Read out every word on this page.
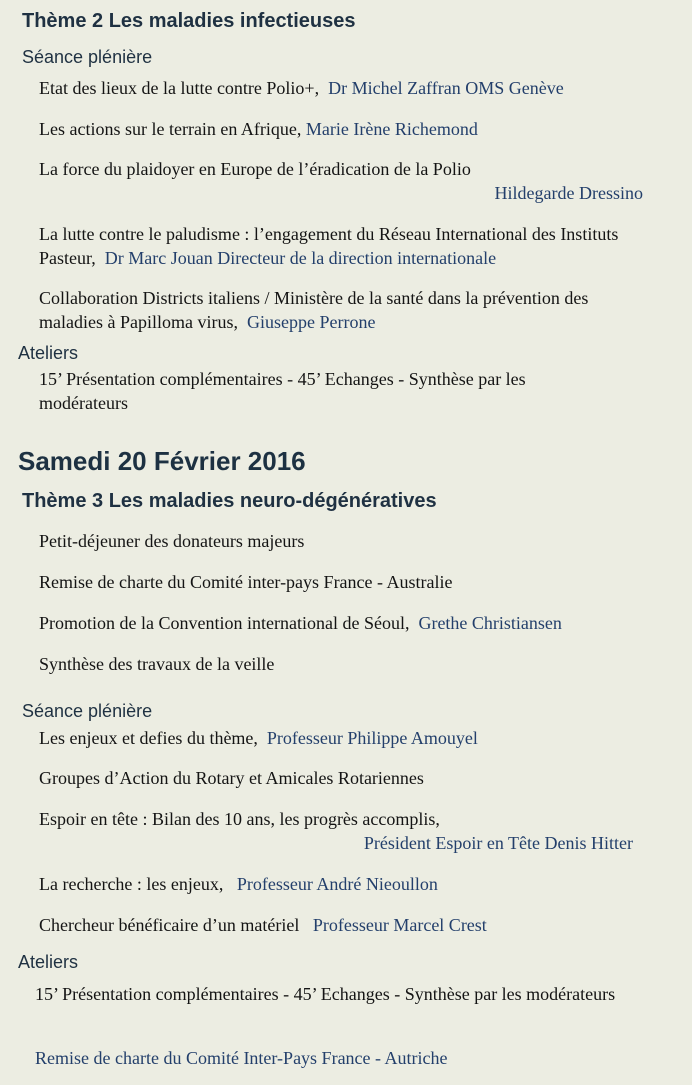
Thème 2 Les maladies infectieuses
Séance plénière
Etat des lieux de la lutte contre Polio+, Dr Michel Zaffran OMS Genève
Les actions sur le terrain en Afrique, Marie Irène Richemond
La force du plaidoyer en Europe de l’éradication de la Polio
Hildegarde Dressino
La lutte contre le paludisme : l’engagement du Réseau International des Instituts Pasteur, Dr Marc Jouan Directeur de la direction internationale
Collaboration Districts italiens / Ministère de la santé dans la prévention des maladies à Papilloma virus, Giuseppe Perrone
Ateliers
15’ Présentation complémentaires - 45’ Echanges - Synthèse par les modérateurs
Samedi 20 Février 2016
Thème 3 Les maladies neuro-dégénératives
Petit-déjeuner des donateurs majeurs
Remise de charte du Comité inter-pays France - Australie
Promotion de la Convention international de Séoul, Grethe Christiansen
Synthèse des travaux de la veille
Séance plénière
Les enjeux et defies du thème, Professeur Philippe Amouyel
Groupes d’Action du Rotary et Amicales Rotariennes
Espoir en tête : Bilan des 10 ans, les progrès accomplis,
Président Espoir en Tête Denis Hitter
La recherche : les enjeux, Professeur André Nieoullon
Chercheur bénéficaire d’un matériel Professeur Marcel Crest
Ateliers
15’ Présentation complémentaires - 45’ Echanges - Synthèse par les modérateurs
Remise de charte du Comité Inter-Pays France - Autriche
